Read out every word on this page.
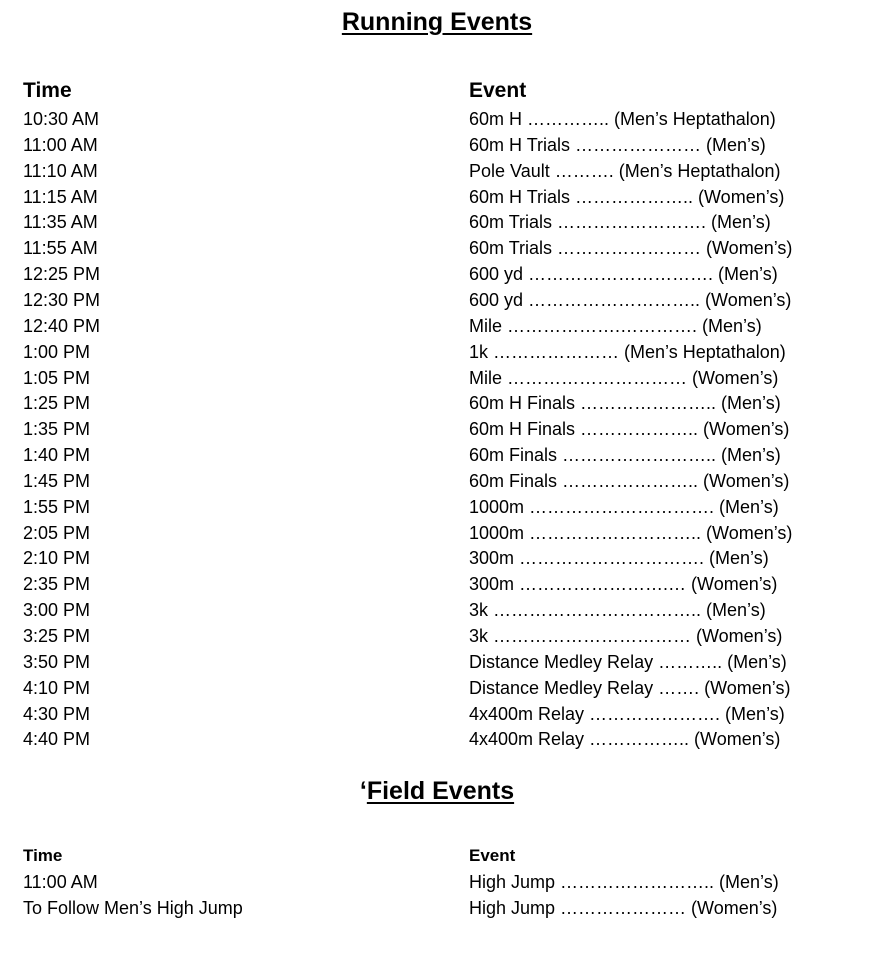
Running Events
Time	Event
10:30 AM	60m H ………….. (Men’s Heptathalon)
11:00 AM	60m H Trials ………………… (Men’s)
11:10 AM	Pole Vault ………. (Men’s Heptathalon)
11:15 AM	60m H Trials ……………….. (Women’s)
11:35 AM	60m Trials ……………………. (Men’s)
11:55 AM	60m Trials …………………… (Women’s)
12:25 PM	600 yd …………………………. (Men’s)
12:30 PM	600 yd ……………………….. (Women’s)
12:40 PM	Mile ……………….…………. (Men’s)
1:00 PM	1k ………………… (Men’s Heptathalon)
1:05 PM	Mile ………………………… (Women’s)
1:25 PM	60m H Finals ………………….. (Men’s)
1:35 PM	60m H Finals ……………….. (Women’s)
1:40 PM	60m Finals …………………….. (Men’s)
1:45 PM	60m Finals ………………….. (Women’s)
1:55 PM	1000m …………………………. (Men’s)
2:05 PM	1000m ……………………….. (Women’s)
2:10 PM	300m …………………………. (Men’s)
2:35 PM	300m …………………….… (Women’s)
3:00 PM	3k …………………………….. (Men’s)
3:25 PM	3k …………………………… (Women’s)
3:50 PM	Distance Medley Relay ……….. (Men’s)
4:10 PM	Distance Medley Relay ……. (Women’s)
4:30 PM	4x400m Relay …………………. (Men’s)
4:40 PM	4x400m Relay …………….. (Women’s)
‘Field Events
Time	Event
11:00 AM	High Jump …………………….. (Men’s)
To Follow Men’s High Jump	High Jump ………………… (Women’s)
